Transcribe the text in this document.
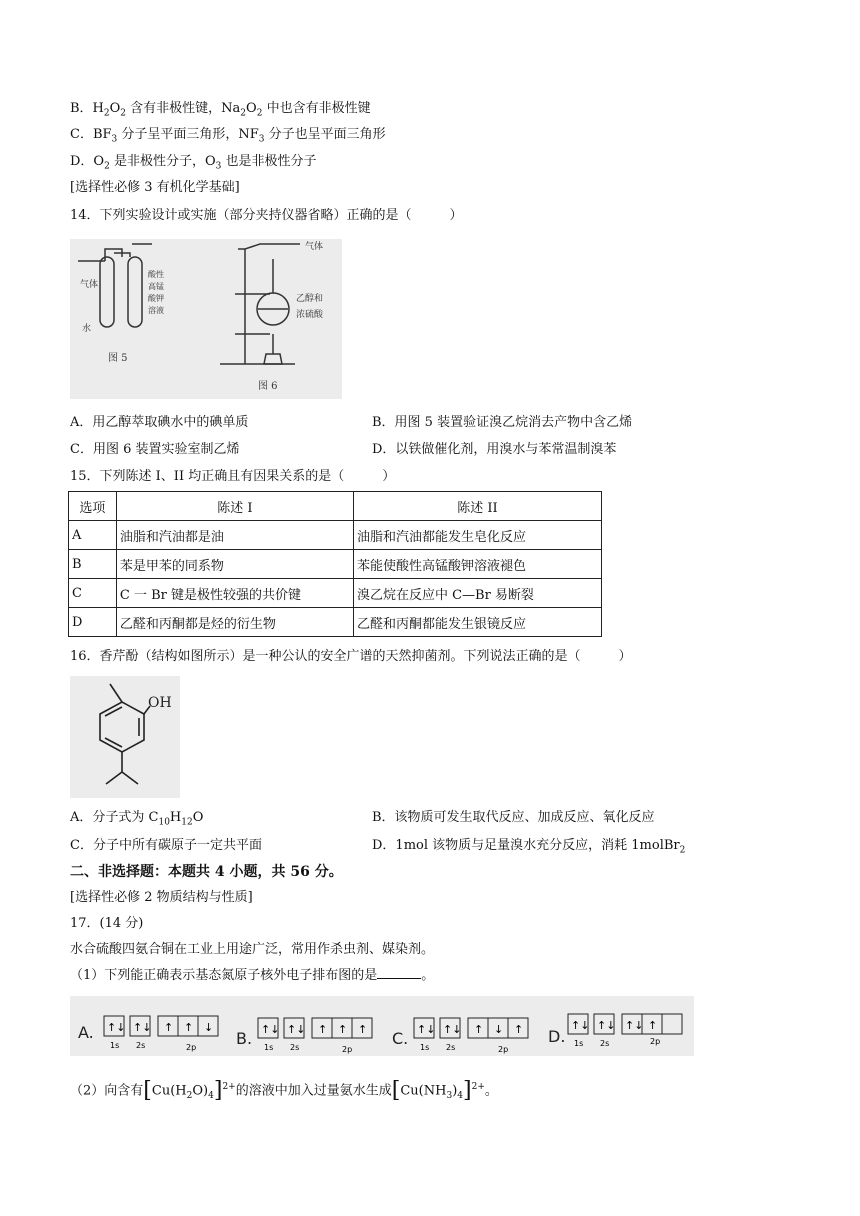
B．$H_2O_2$ 含有非极性键，$Na_2O_2$ 中也含有非极性键
C．$BF_3$ 分子呈平面三角形，$NF_3$ 分子也呈平面三角形
D．$O_2$ 是非极性分子，$O_3$ 也是非极性分子
[选择性必修 3 有机化学基础]
14．下列实验设计或实施（部分夹持仪器省略）正确的是（	）
气体
水
酸性
高锰
酸钾
溶液
图 5
气体
乙醇和
浓硫酸
图 6
A．用乙醇萃取碘水中的碘单质	B．用图 5 装置验证溴乙烷消去产物中含乙烯
C．用图 6 装置实验室制乙烯	D．以铁做催化剂，用溴水与苯常温制溴苯
15．下列陈述 I、II 均正确且有因果关系的是（	）
选项	陈述 I	陈述 II
A	油脂和汽油都是油	油脂和汽油都能发生皂化反应
B	苯是甲苯的同系物	苯能使酸性高锰酸钾溶液褪色
C	C 一 Br 键是极性较强的共价键	溴乙烷在反应中 C—Br 易断裂
D	乙醛和丙酮都是烃的衍生物	乙醛和丙酮都能发生银镜反应
16．香芹酚（结构如图所示）是一种公认的安全广谱的天然抑菌剂。下列说法正确的是（	）
OH
A．分子式为 $C_{10}H_{12}O$	B．该物质可发生取代反应、加成反应、氧化反应
C．分子中所有碳原子一定共平面	D．1mol 该物质与足量溴水充分反应，消耗 1molBr$_2$
二、非选择题：本题共 4 小题，共 56 分。
[选择性必修 2 物质结构与性质]
17．(14 分)
水合硫酸四氨合铜在工业上用途广泛，常用作杀虫剂、媒染剂。
（1）下列能正确表示基态氮原子核外电子排布图的是	。
A. ↑↓ ↑↓ ↑ ↑ ↓
1s 2s	2p B. ↑↓ ↑↓ ↑ ↑ ↑
1s 2s	2p
C. ↑↓ ↑↓ ↑ ↓ ↑
1s 2s	2p
D.
↑↓ ↑↓ ↑↓ ↑
1s 2s	2p
（2）向含有$[Cu(H_2O)_4]^{2+}$的溶液中加入过量氨水生成$[Cu(NH_3)_4]^{2+}$。
